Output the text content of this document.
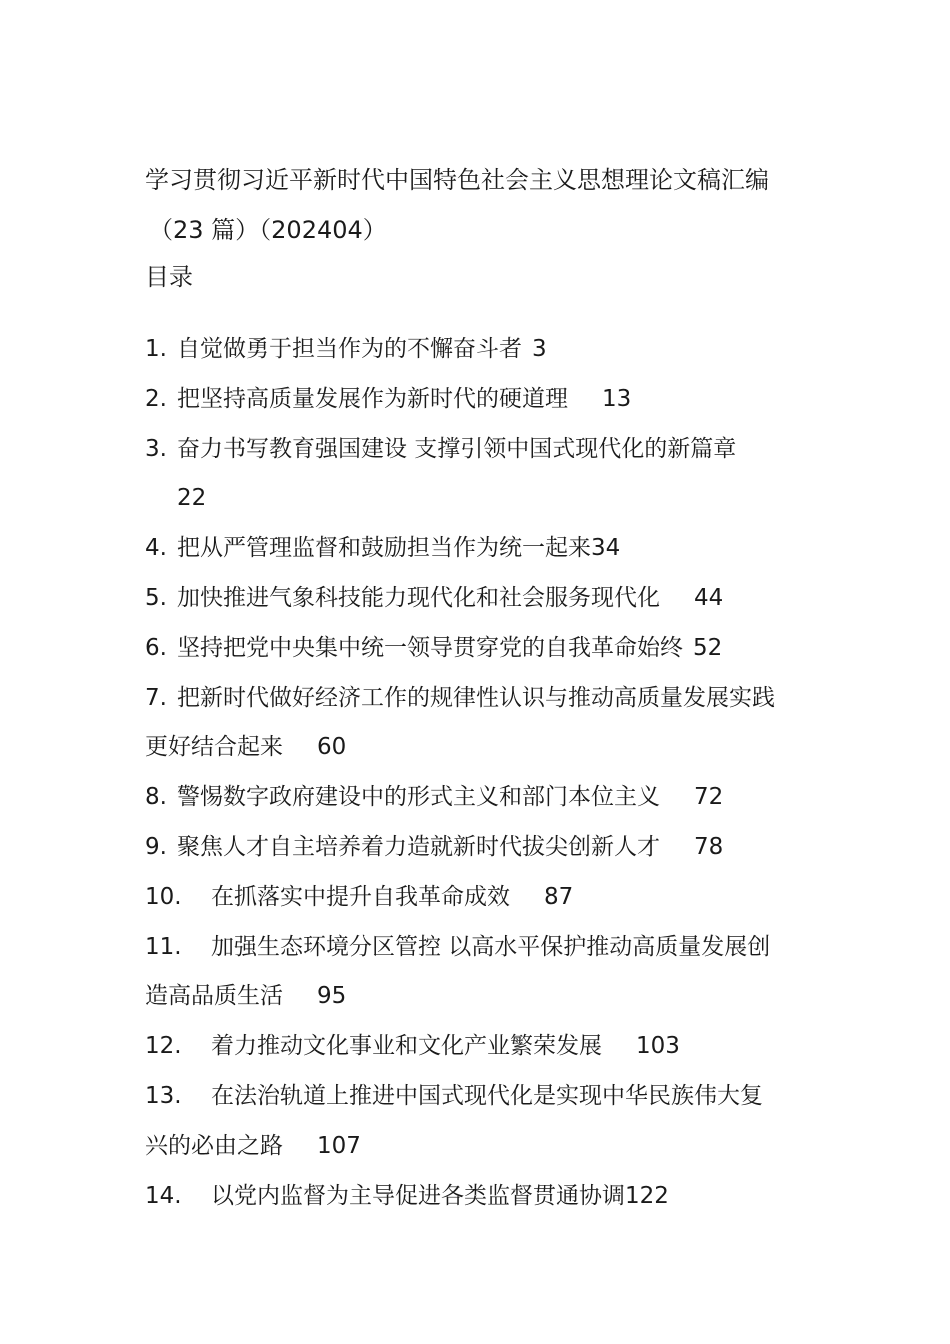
学习贯彻习近平新时代中国特色社会主义思想理论文稿汇编
（23 篇）（202404）
目录
1. 自觉做勇于担当作为的不懈奋斗者 3
2. 把坚持高质量发展作为新时代的硬道理 13
3. 奋力书写教育强国建设 支撑引领中国式现代化的新篇章
22
4. 把从严管理监督和鼓励担当作为统一起来34
5. 加快推进气象科技能力现代化和社会服务现代化 44
6. 坚持把党中央集中统一领导贯穿党的自我革命始终 52
7. 把新时代做好经济工作的规律性认识与推动高质量发展实践
更好结合起来 60
8. 警惕数字政府建设中的形式主义和部门本位主义 72
9. 聚焦人才自主培养着力造就新时代拔尖创新人才 78
10. 在抓落实中提升自我革命成效 87
11. 加强生态环境分区管控 以高水平保护推动高质量发展创
造高品质生活 95
12. 着力推动文化事业和文化产业繁荣发展 103
13. 在法治轨道上推进中国式现代化是实现中华民族伟大复
兴的必由之路 107
14. 以党内监督为主导促进各类监督贯通协调122
